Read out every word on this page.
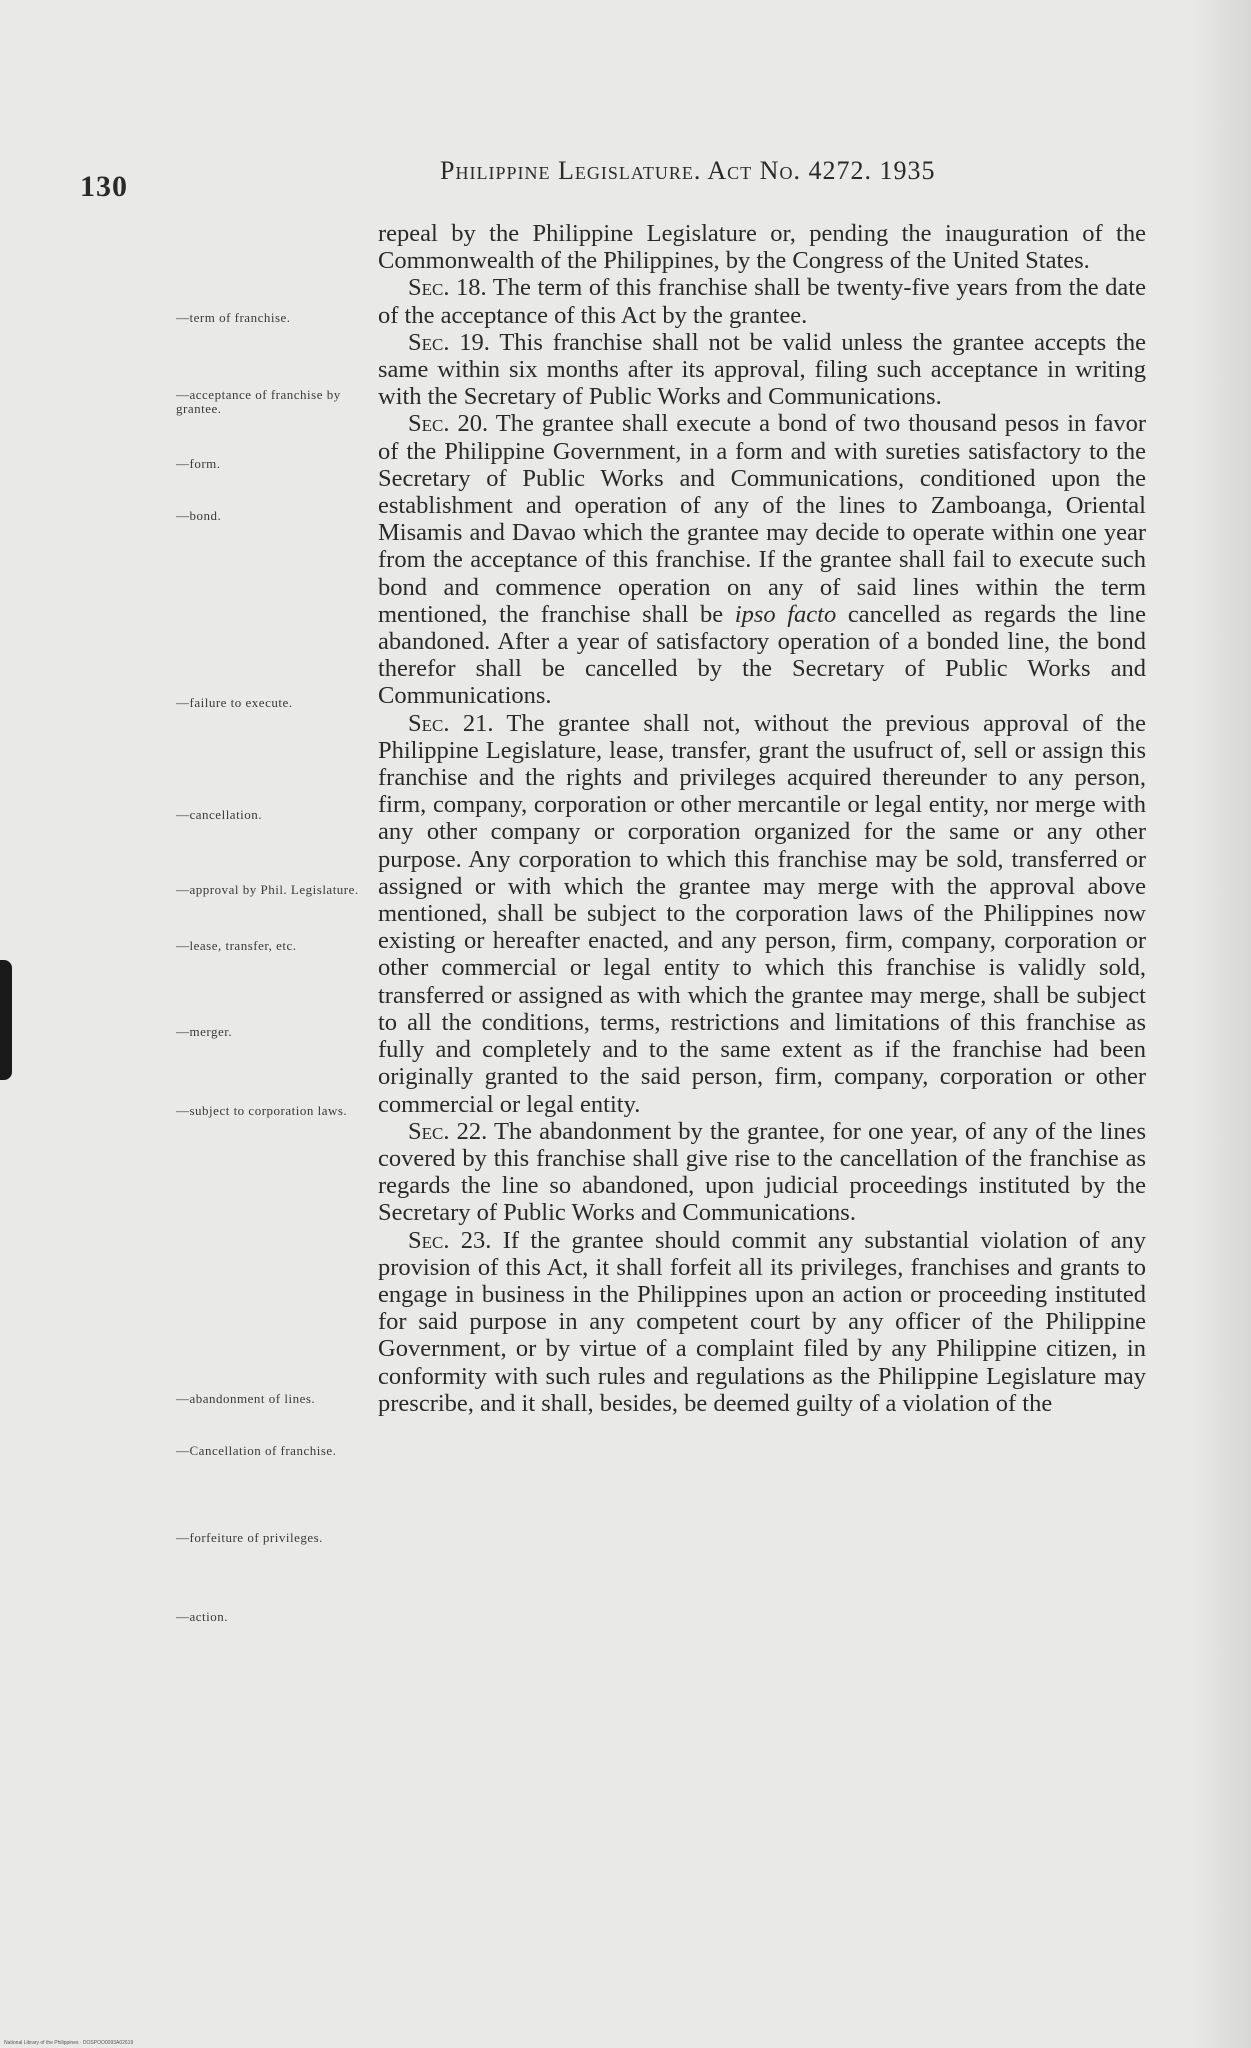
130	Philippine Legislature. Act No. 4272. 1935
—term of franchise.
—acceptance of franchise by grantee.
—form.
—bond.
—failure to execute.
—cancellation.
—approval by Phil. Legislature.
—lease, transfer, etc.
—merger.
—subject to corporation laws.
—abandonment of lines.
—Cancellation of franchise.
—forfeiture of privileges.
—action.

repeal by the Philippine Legislature or, pending the inauguration of the Commonwealth of the Philippines, by the Congress of the United States.

Sec. 18. The term of this franchise shall be twenty-five years from the date of the acceptance of this Act by the grantee.

Sec. 19. This franchise shall not be valid unless the grantee accepts the same within six months after its approval, filing such acceptance in writing with the Secretary of Public Works and Communications.

Sec. 20. The grantee shall execute a bond of two thousand pesos in favor of the Philippine Government, in a form and with sureties satisfactory to the Secretary of Public Works and Communications, conditioned upon the establishment and operation of any of the lines to Zamboanga, Oriental Misamis and Davao which the grantee may decide to operate within one year from the acceptance of this franchise. If the grantee shall fail to execute such bond and commence operation on any of said lines within the term mentioned, the franchise shall be ipso facto cancelled as regards the line abandoned. After a year of satisfactory operation of a bonded line, the bond therefor shall be cancelled by the Secretary of Public Works and Communications.

Sec. 21. The grantee shall not, without the previous approval of the Philippine Legislature, lease, transfer, grant the usufruct of, sell or assign this franchise and the rights and privileges acquired thereunder to any person, firm, company, corporation or other mercantile or legal entity, nor merge with any other company or corporation organized for the same or any other purpose. Any corporation to which this franchise may be sold, transferred or assigned or with which the grantee may merge with the approval above mentioned, shall be subject to the corporation laws of the Philippines now existing or hereafter enacted, and any person, firm, company, corporation or other commercial or legal entity to which this franchise is validly sold, transferred or assigned as with which the grantee may merge, shall be subject to all the conditions, terms, restrictions and limitations of this franchise as fully and completely and to the same extent as if the franchise had been originally granted to the said person, firm, company, corporation or other commercial or legal entity.

Sec. 22. The abandonment by the grantee, for one year, of any of the lines covered by this franchise shall give rise to the cancellation of the franchise as regards the line so abandoned, upon judicial proceedings instituted by the Secretary of Public Works and Communications.

Sec. 23. If the grantee should commit any substantial violation of any provision of this Act, it shall forfeit all its privileges, franchises and grants to engage in business in the Philippines upon an action or proceeding instituted for said purpose in any competent court by any officer of the Philippine Government, or by virtue of a complaint filed by any Philippine citizen, in conformity with such rules and regulations as the Philippine Legislature may prescribe, and it shall, besides, be deemed guilty of a violation of the

National Library of the Philippines · DOSPOO0093A02619
